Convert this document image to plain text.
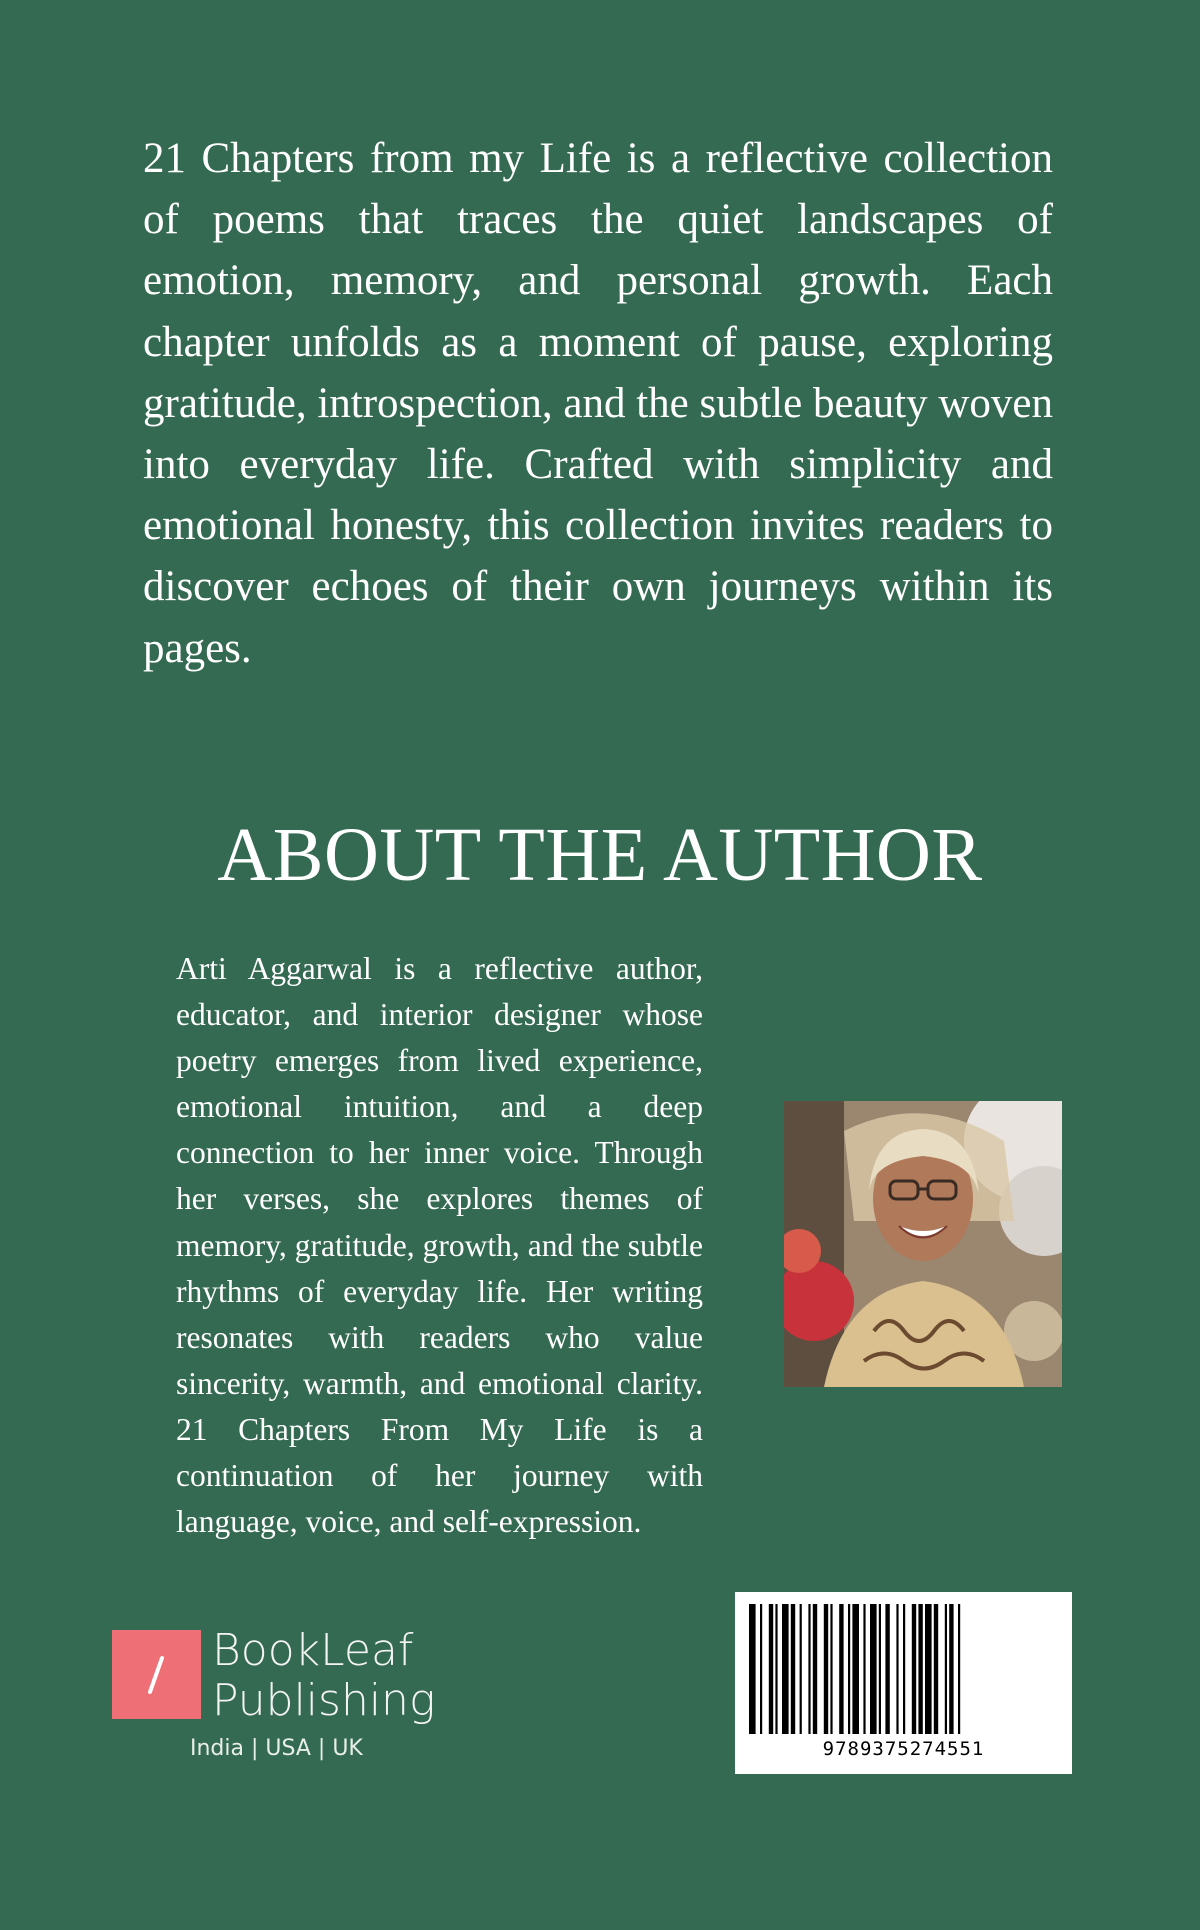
21 Chapters from my Life is a reflective collection of poems that traces the quiet landscapes of emotion, memory, and personal growth. Each chapter unfolds as a moment of pause, exploring gratitude, introspection, and the subtle beauty woven into everyday life. Crafted with simplicity and emotional honesty, this collection invites readers to discover echoes of their own journeys within its pages.

ABOUT THE AUTHOR

Arti Aggarwal is a reflective author, educator, and interior designer whose poetry emerges from lived experience, emotional intuition, and a deep connection to her inner voice. Through her verses, she explores themes of memory, gratitude, growth, and the subtle rhythms of everyday life. Her writing resonates with readers who value sincerity, warmth, and emotional clarity. 21 Chapters From My Life is a continuation of her journey with language, voice, and self-expression.

BookLeaf
Publishing
India | USA | UK	9789375274551
